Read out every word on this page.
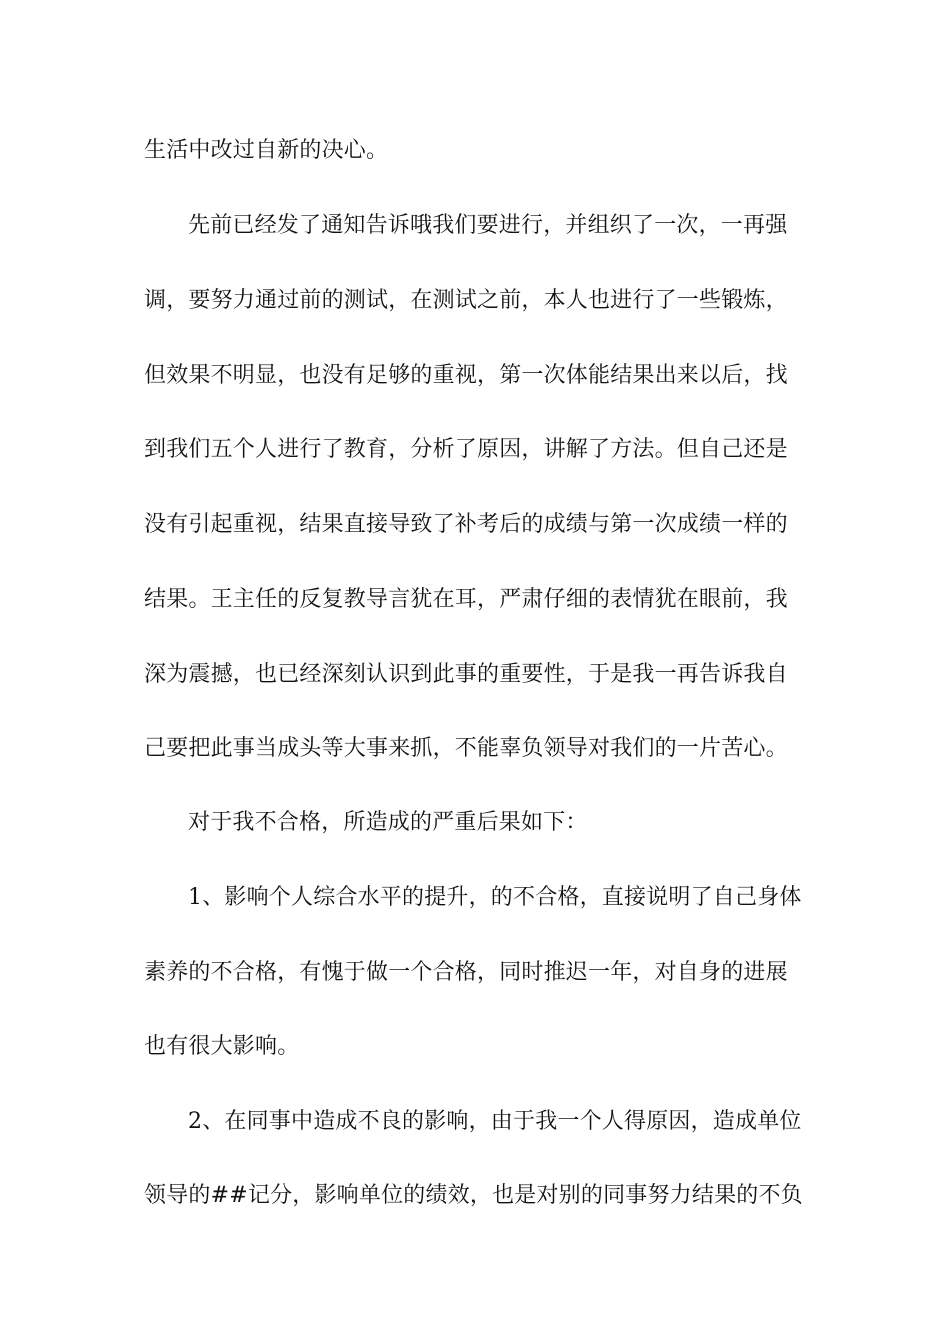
生活中改过自新的决心。
先前已经发了通知告诉哦我们要进行，并组织了一次，一再强
调，要努力通过前的测试，在测试之前，本人也进行了一些锻炼，
但效果不明显，也没有足够的重视，第一次体能结果出来以后，找
到我们五个人进行了教育，分析了原因，讲解了方法。但自己还是
没有引起重视，结果直接导致了补考后的成绩与第一次成绩一样的
结果。王主任的反复教导言犹在耳，严肃仔细的表情犹在眼前，我
深为震撼，也已经深刻认识到此事的重要性，于是我一再告诉我自
己要把此事当成头等大事来抓，不能辜负领导对我们的一片苦心。
对于我不合格，所造成的严重后果如下：
1、影响个人综合水平的提升，的不合格，直接说明了自己身体
素养的不合格，有愧于做一个合格，同时推迟一年，对自身的进展
也有很大影响。
2、在同事中造成不良的影响，由于我一个人得原因，造成单位
领导的##记分，影响单位的绩效，也是对别的同事努力结果的不负
